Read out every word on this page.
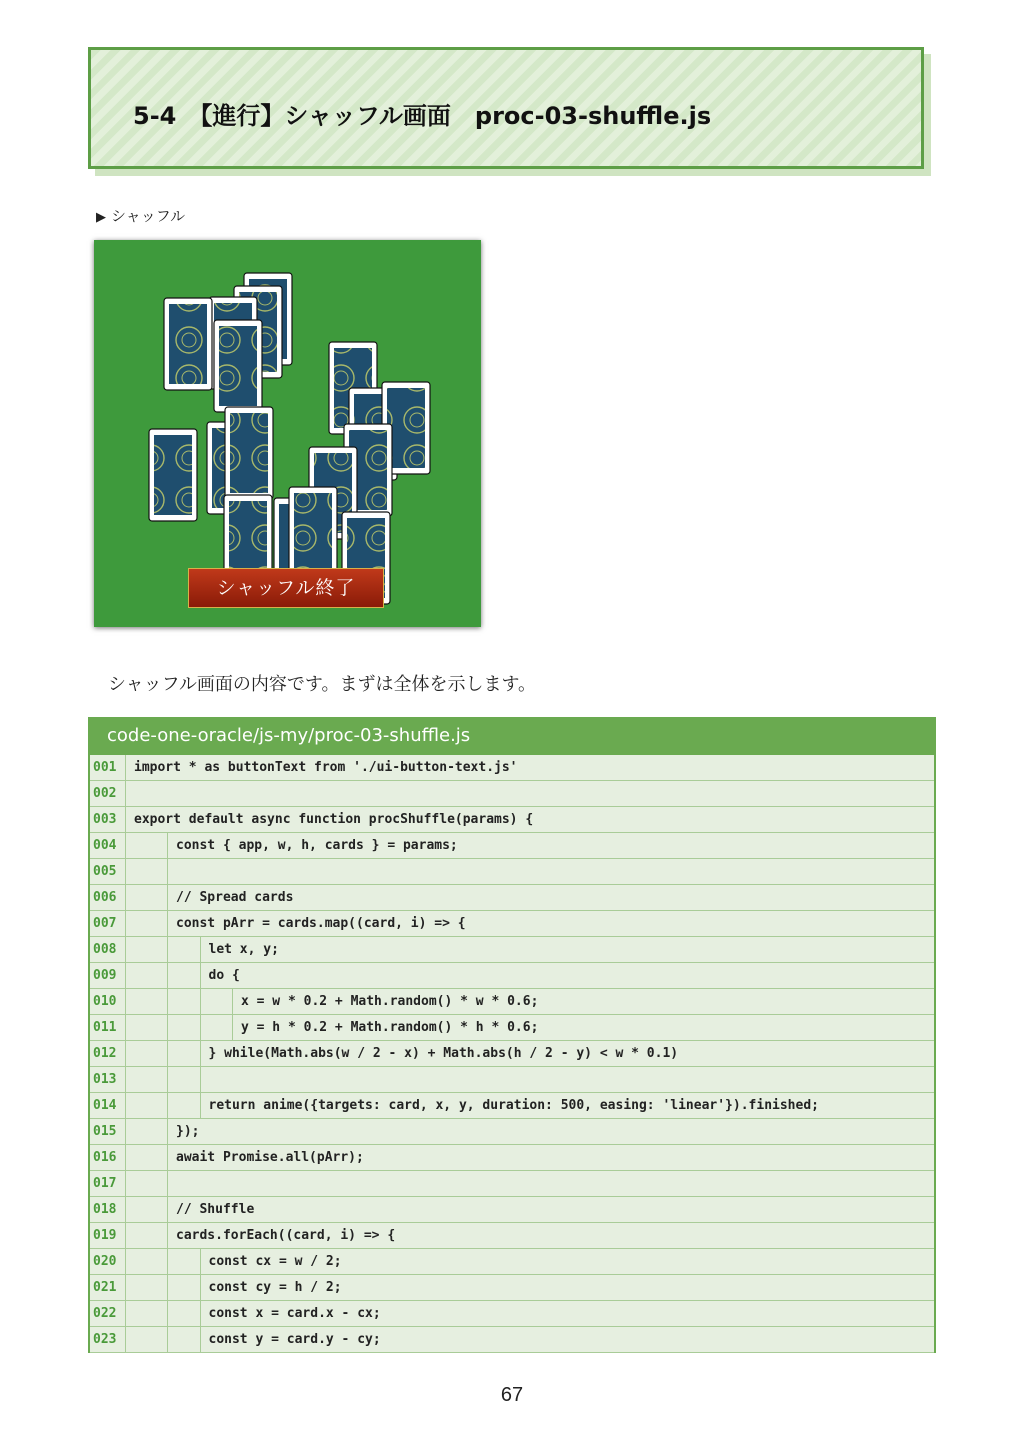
5-4　【進行】シャッフル画面　proc-03-shuffle.js
▶ シャッフル
シャッフル終了
シャッフル画面の内容です。まずは全体を示します。
code-one-oracle/js-my/proc-03-shuffle.js
001	import * as buttonText from './ui-button-text.js'
002
003	export default async function procShuffle(params) {
004	const { app, w, h, cards } = params;
005
006	// Spread cards
007	const pArr = cards.map((card, i) => {
008	let x, y;
009	do {
010	x = w * 0.2 + Math.random() * w * 0.6;
011	y = h * 0.2 + Math.random() * h * 0.6;
012	} while(Math.abs(w / 2 - x) + Math.abs(h / 2 - y) < w * 0.1)
013
014	return anime({targets: card, x, y, duration: 500, easing: 'linear'}).finished;
015	});
016	await Promise.all(pArr);
017
018	// Shuffle
019	cards.forEach((card, i) => {
020	const cx = w / 2;
021	const cy = h / 2;
022	const x = card.x - cx;
023	const y = card.y - cy;
67
